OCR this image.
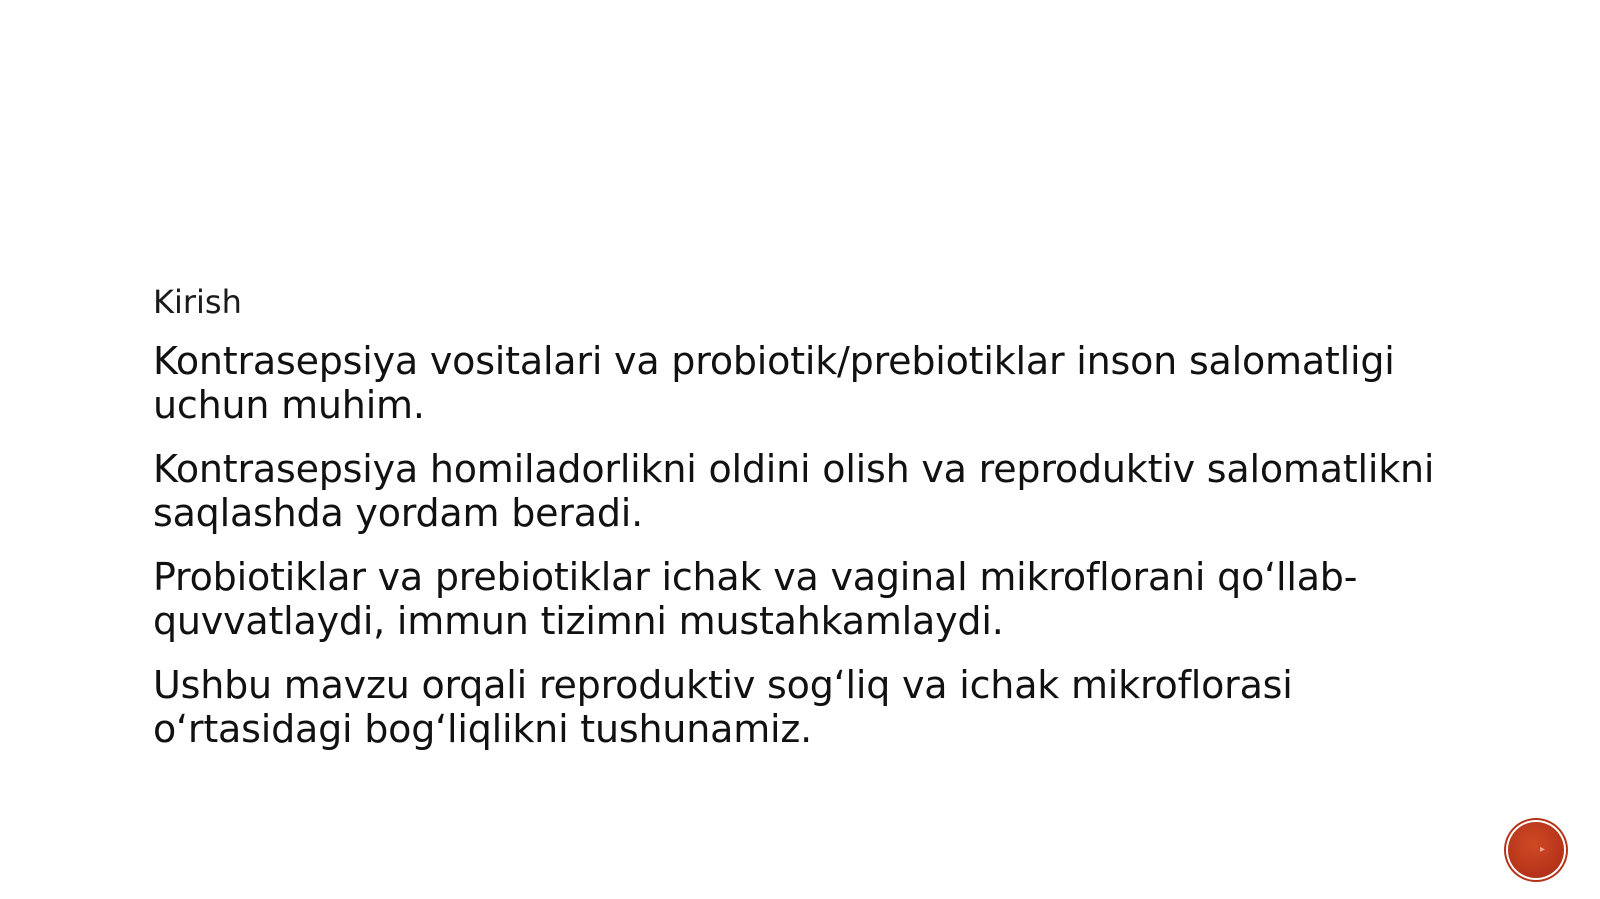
Kirish

Kontrasepsiya vositalari va probiotik/prebiotiklar inson salomatligi uchun muhim.

Kontrasepsiya homiladorlikni oldini olish va reproduktiv salomatlikni saqlashda yordam beradi.

Probiotiklar va prebiotiklar ichak va vaginal mikroflorani qo‘llab-quvvatlaydi, immun tizimni mustahkamlaydi.

Ushbu mavzu orqali reproduktiv sog‘liq va ichak mikroflorasi o‘rtasidagi bog‘liqlikni tushunamiz.

▸
